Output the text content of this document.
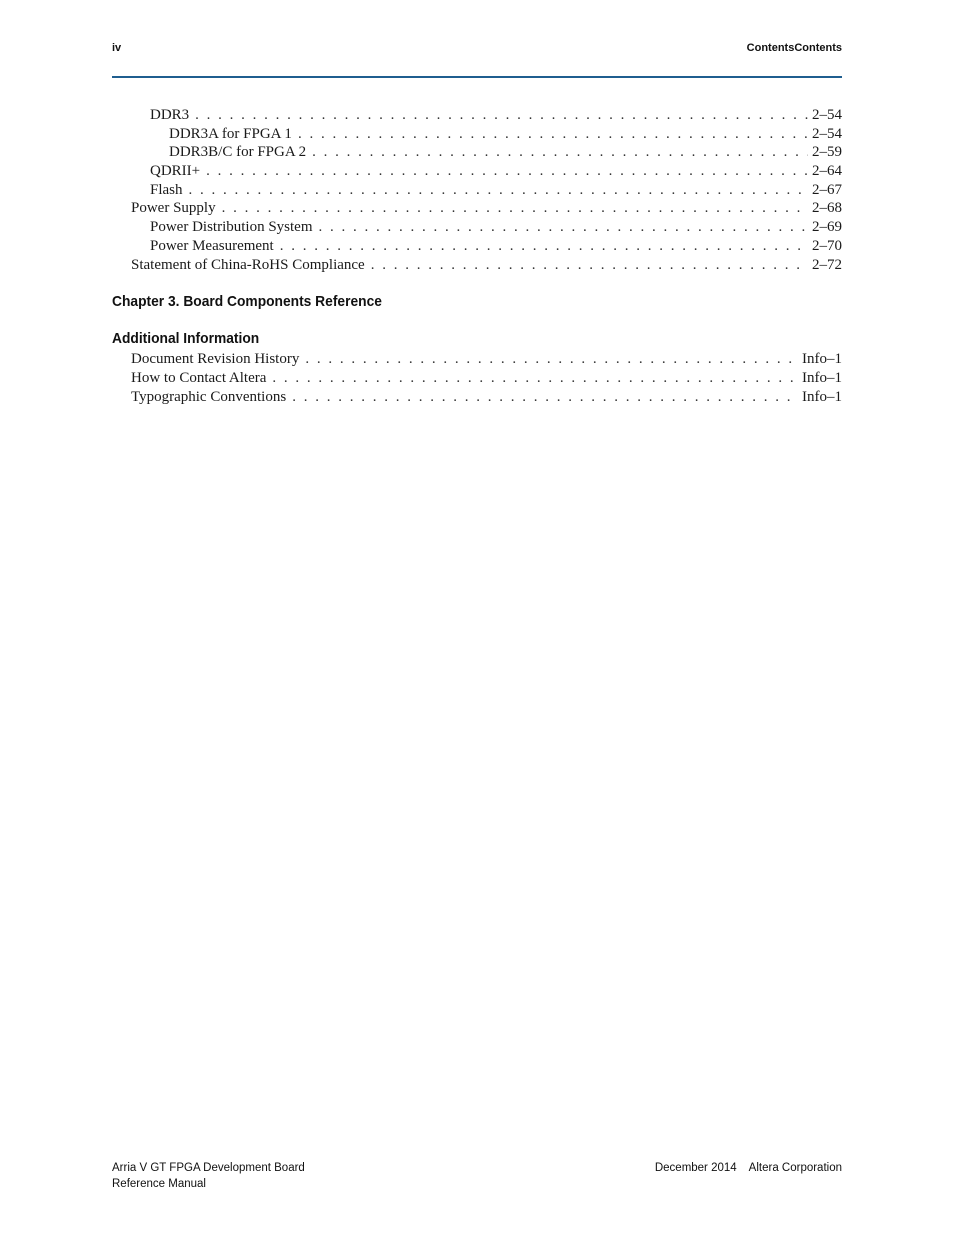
iv	ContentsContents
DDR3 . . .	2–54
DDR3A for FPGA 1 . . .	2–54
DDR3B/C for FPGA 2 . . .	2–59
QDRII+ . . .	2–64
Flash . . .	2–67
Power Supply . . .	2–68
Power Distribution System . . .	2–69
Power Measurement . . .	2–70
Statement of China-RoHS Compliance . . .	2–72
Chapter 3. Board Components Reference
Additional Information
Document Revision History . . .	Info–1
How to Contact Altera . . .	Info–1
Typographic Conventions . . .	Info–1
Arria V GT FPGA Development Board
Reference Manual
December 2014 Altera Corporation
